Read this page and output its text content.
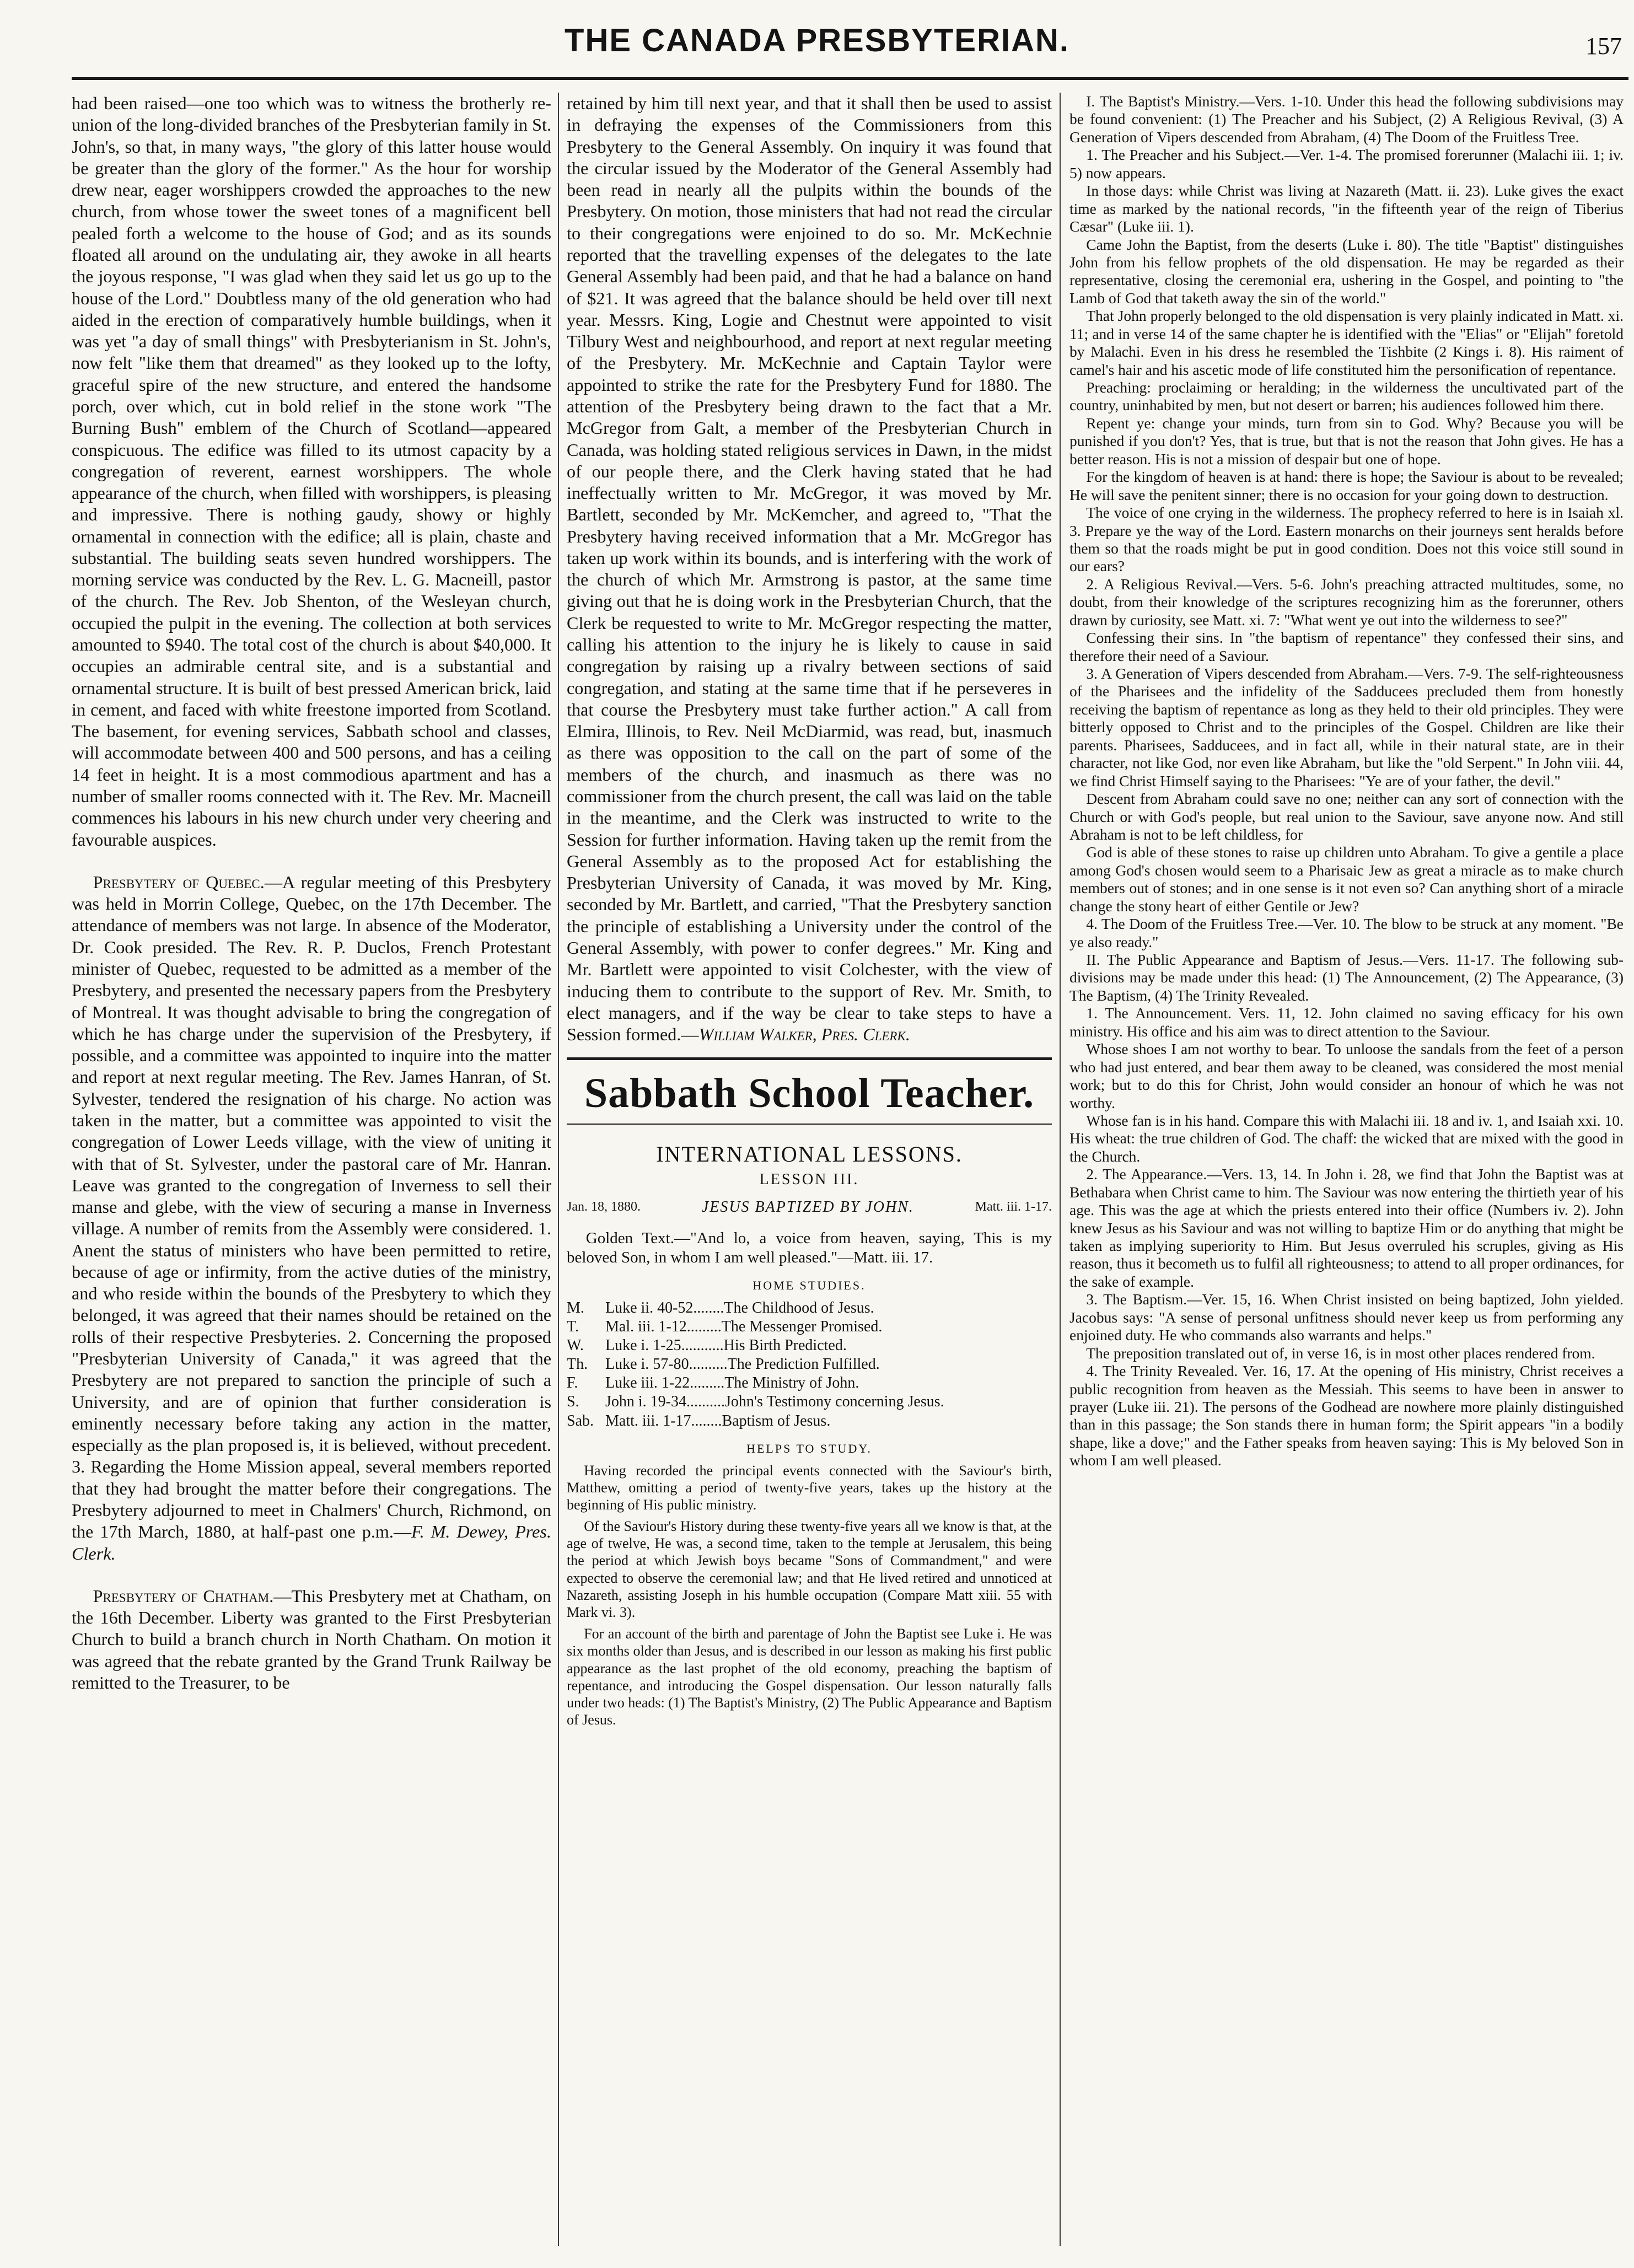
THE CANADA PRESBYTERIAN.	157

had been raised—one too which was to witness the brotherly re-union of the long-divided branches of the Presbyterian family in St. John's, so that, in many ways, "the glory of this latter house would be greater than the glory of the former." As the hour for worship drew near, eager worshippers crowded the approaches to the new church, from whose tower the sweet tones of a magnificent bell pealed forth a welcome to the house of God; and as its sounds floated all around on the undulating air, they awoke in all hearts the joyous response, "I was glad when they said let us go up to the house of the Lord." Doubtless many of the old generation who had aided in the erection of comparatively humble buildings, when it was yet "a day of small things" with Presbyterianism in St. John's, now felt "like them that dreamed" as they looked up to the lofty, graceful spire of the new structure, and entered the handsome porch, over which, cut in bold relief in the stone work "The Burning Bush" emblem of the Church of Scotland—appeared conspicuous. The edifice was filled to its utmost capacity by a congregation of reverent, earnest worshippers. The whole appearance of the church, when filled with worshippers, is pleasing and impressive. There is nothing gaudy, showy or highly ornamental in connection with the edifice; all is plain, chaste and substantial. The building seats seven hundred worshippers. The morning service was conducted by the Rev. L. G. Macneill, pastor of the church. The Rev. Job Shenton, of the Wesleyan church, occupied the pulpit in the evening. The collection at both services amounted to $940. The total cost of the church is about $40,000. It occupies an admirable central site, and is a substantial and ornamental structure. It is built of best pressed American brick, laid in cement, and faced with white freestone imported from Scotland. The basement, for evening services, Sabbath school and classes, will accommodate between 400 and 500 persons, and has a ceiling 14 feet in height. It is a most commodious apartment and has a number of smaller rooms connected with it. The Rev. Mr. Macneill commences his labours in his new church under very cheering and favourable auspices.

Presbytery of Quebec.—A regular meeting of this Presbytery was held in Morrin College, Quebec, on the 17th December. The attendance of members was not large. In absence of the Moderator, Dr. Cook presided. The Rev. R. P. Duclos, French Protestant minister of Quebec, requested to be admitted as a member of the Presbytery, and presented the necessary papers from the Presbytery of Montreal. It was thought advisable to bring the congregation of which he has charge under the supervision of the Presbytery, if possible, and a committee was appointed to inquire into the matter and report at next regular meeting. The Rev. James Hanran, of St. Sylvester, tendered the resignation of his charge. No action was taken in the matter, but a committee was appointed to visit the congregation of Lower Leeds village, with the view of uniting it with that of St. Sylvester, under the pastoral care of Mr. Hanran. Leave was granted to the congregation of Inverness to sell their manse and glebe, with the view of securing a manse in Inverness village. A number of remits from the Assembly were considered. 1. Anent the status of ministers who have been permitted to retire, because of age or infirmity, from the active duties of the ministry, and who reside within the bounds of the Presbytery to which they belonged, it was agreed that their names should be retained on the rolls of their respective Presbyteries. 2. Concerning the proposed "Presbyterian University of Canada," it was agreed that the Presbytery are not prepared to sanction the principle of such a University, and are of opinion that further consideration is eminently necessary before taking any action in the matter, especially as the plan proposed is, it is believed, without precedent. 3. Regarding the Home Mission appeal, several members reported that they had brought the matter before their congregations. The Presbytery adjourned to meet in Chalmers' Church, Richmond, on the 17th March, 1880, at half-past one p.m.—F. M. Dewey, Pres. Clerk.

Presbytery of Chatham.—This Presbytery met at Chatham, on the 16th December. Liberty was granted to the First Presbyterian Church to build a branch church in North Chatham. On motion it was agreed that the rebate granted by the Grand Trunk Railway be remitted to the Treasurer, to be

retained by him till next year, and that it shall then be used to assist in defraying the expenses of the Commissioners from this Presbytery to the General Assembly. On inquiry it was found that the circular issued by the Moderator of the General Assembly had been read in nearly all the pulpits within the bounds of the Presbytery. On motion, those ministers that had not read the circular to their congregations were enjoined to do so. Mr. McKechnie reported that the travelling expenses of the delegates to the late General Assembly had been paid, and that he had a balance on hand of $21. It was agreed that the balance should be held over till next year. Messrs. King, Logie and Chestnut were appointed to visit Tilbury West and neighbourhood, and report at next regular meeting of the Presbytery. Mr. McKechnie and Captain Taylor were appointed to strike the rate for the Presbytery Fund for 1880. The attention of the Presbytery being drawn to the fact that a Mr. McGregor from Galt, a member of the Presbyterian Church in Canada, was holding stated religious services in Dawn, in the midst of our people there, and the Clerk having stated that he had ineffectually written to Mr. McGregor, it was moved by Mr. Bartlett, seconded by Mr. McKemcher, and agreed to, "That the Presbytery having received information that a Mr. McGregor has taken up work within its bounds, and is interfering with the work of the church of which Mr. Armstrong is pastor, at the same time giving out that he is doing work in the Presbyterian Church, that the Clerk be requested to write to Mr. McGregor respecting the matter, calling his attention to the injury he is likely to cause in said congregation by raising up a rivalry between sections of said congregation, and stating at the same time that if he perseveres in that course the Presbytery must take further action." A call from Elmira, Illinois, to Rev. Neil McDiarmid, was read, but, inasmuch as there was opposition to the call on the part of some of the members of the church, and inasmuch as there was no commissioner from the church present, the call was laid on the table in the meantime, and the Clerk was instructed to write to the Session for further information. Having taken up the remit from the General Assembly as to the proposed Act for establishing the Presbyterian University of Canada, it was moved by Mr. King, seconded by Mr. Bartlett, and carried, "That the Presbytery sanction the principle of establishing a University under the control of the General Assembly, with power to confer degrees." Mr. King and Mr. Bartlett were appointed to visit Colchester, with the view of inducing them to contribute to the support of Rev. Mr. Smith, to elect managers, and if the way be clear to take steps to have a Session formed.—William Walker, Pres. Clerk.

Sabbath School Teacher.
INTERNATIONAL LESSONS.
LESSON III.
Jan. 18, 1880.	JESUS BAPTIZED BY JOHN.	Matt. iii. 1-17.

Golden Text.—"And lo, a voice from heaven, saying, This is my beloved Son, in whom I am well pleased."—Matt. iii. 17.

HOME STUDIES.
M.	Luke ii. 40-52........The Childhood of Jesus.
T.	Mal. iii. 1-12.........The Messenger Promised.
W.	Luke i. 1-25...........His Birth Predicted.
Th.	Luke i. 57-80..........The Prediction Fulfilled.
F.	Luke iii. 1-22.........The Ministry of John.
S.	John i. 19-34..........John's Testimony concerning Jesus.
Sab. Matt. iii. 1-17........Baptism of Jesus.
HELPS TO STUDY.

Having recorded the principal events connected with the Saviour's birth, Matthew, omitting a period of twenty-five years, takes up the history at the beginning of His public ministry.

Of the Saviour's History during these twenty-five years all we know is that, at the age of twelve, He was, a second time, taken to the temple at Jerusalem, this being the period at which Jewish boys became "Sons of Commandment," and were expected to observe the ceremonial law; and that He lived retired and unnoticed at Nazareth, assisting Joseph in his humble occupation (Compare Matt xiii. 55 with Mark vi. 3).

For an account of the birth and parentage of John the Baptist see Luke i. He was six months older than Jesus, and is described in our lesson as making his first public appearance as the last prophet of the old economy, preaching the baptism of repentance, and introducing the Gospel dispensation. Our lesson naturally falls under two heads: (1) The Baptist's Ministry, (2) The Public Appearance and Baptism of Jesus.

I. The Baptist's Ministry.—Vers. 1-10. Under this head the following subdivisions may be found convenient: (1) The Preacher and his Subject, (2) A Religious Revival, (3) A Generation of Vipers descended from Abraham, (4) The Doom of the Fruitless Tree.

1. The Preacher and his Subject.—Ver. 1-4. The promised forerunner (Malachi iii. 1; iv. 5) now appears.

In those days: while Christ was living at Nazareth (Matt. ii. 23). Luke gives the exact time as marked by the national records, "in the fifteenth year of the reign of Tiberius Cæsar" (Luke iii. 1).

Came John the Baptist, from the deserts (Luke i. 80). The title "Baptist" distinguishes John from his fellow prophets of the old dispensation. He may be regarded as their representative, closing the ceremonial era, ushering in the Gospel, and pointing to "the Lamb of God that taketh away the sin of the world."

That John properly belonged to the old dispensation is very plainly indicated in Matt. xi. 11; and in verse 14 of the same chapter he is identified with the "Elias" or "Elijah" foretold by Malachi. Even in his dress he resembled the Tishbite (2 Kings i. 8). His raiment of camel's hair and his ascetic mode of life constituted him the personification of repentance.

Preaching: proclaiming or heralding; in the wilderness the uncultivated part of the country, uninhabited by men, but not desert or barren; his audiences followed him there.

Repent ye: change your minds, turn from sin to God. Why? Because you will be punished if you don't? Yes, that is true, but that is not the reason that John gives. He has a better reason. His is not a mission of despair but one of hope.

For the kingdom of heaven is at hand: there is hope; the Saviour is about to be revealed; He will save the penitent sinner; there is no occasion for your going down to destruction.

The voice of one crying in the wilderness. The prophecy referred to here is in Isaiah xl. 3. Prepare ye the way of the Lord. Eastern monarchs on their journeys sent heralds before them so that the roads might be put in good condition. Does not this voice still sound in our ears?

2. A Religious Revival.—Vers. 5-6. John's preaching attracted multitudes, some, no doubt, from their knowledge of the scriptures recognizing him as the forerunner, others drawn by curiosity, see Matt. xi. 7: "What went ye out into the wilderness to see?"

Confessing their sins. In "the baptism of repentance" they confessed their sins, and therefore their need of a Saviour.

3. A Generation of Vipers descended from Abraham.—Vers. 7-9. The self-righteousness of the Pharisees and the infidelity of the Sadducees precluded them from honestly receiving the baptism of repentance as long as they held to their old principles. They were bitterly opposed to Christ and to the principles of the Gospel. Children are like their parents. Pharisees, Sadducees, and in fact all, while in their natural state, are in their character, not like God, nor even like Abraham, but like the "old Serpent." In John viii. 44, we find Christ Himself saying to the Pharisees: "Ye are of your father, the devil."

Descent from Abraham could save no one; neither can any sort of connection with the Church or with God's people, but real union to the Saviour, save anyone now. And still Abraham is not to be left childless, for

God is able of these stones to raise up children unto Abraham. To give a gentile a place among God's chosen would seem to a Pharisaic Jew as great a miracle as to make church members out of stones; and in one sense is it not even so? Can anything short of a miracle change the stony heart of either Gentile or Jew?

4. The Doom of the Fruitless Tree.—Ver. 10. The blow to be struck at any moment. "Be ye also ready."

II. The Public Appearance and Baptism of Jesus.—Vers. 11-17. The following sub-divisions may be made under this head: (1) The Announcement, (2) The Appearance, (3) The Baptism, (4) The Trinity Revealed.

1. The Announcement. Vers. 11, 12. John claimed no saving efficacy for his own ministry. His office and his aim was to direct attention to the Saviour.

Whose shoes I am not worthy to bear. To unloose the sandals from the feet of a person who had just entered, and bear them away to be cleaned, was considered the most menial work; but to do this for Christ, John would consider an honour of which he was not worthy.

Whose fan is in his hand. Compare this with Malachi iii. 18 and iv. 1, and Isaiah xxi. 10. His wheat: the true children of God. The chaff: the wicked that are mixed with the good in the Church.

2. The Appearance.—Vers. 13, 14. In John i. 28, we find that John the Baptist was at Bethabara when Christ came to him. The Saviour was now entering the thirtieth year of his age. This was the age at which the priests entered into their office (Numbers iv. 2). John knew Jesus as his Saviour and was not willing to baptize Him or do anything that might be taken as implying superiority to Him. But Jesus overruled his scruples, giving as His reason, thus it becometh us to fulfil all righteousness; to attend to all proper ordinances, for the sake of example.

3. The Baptism.—Ver. 15, 16. When Christ insisted on being baptized, John yielded. Jacobus says: "A sense of personal unfitness should never keep us from performing any enjoined duty. He who commands also warrants and helps."

The preposition translated out of, in verse 16, is in most other places rendered from.

4. The Trinity Revealed. Ver. 16, 17. At the opening of His ministry, Christ receives a public recognition from heaven as the Messiah. This seems to have been in answer to prayer (Luke iii. 21). The persons of the Godhead are nowhere more plainly distinguished than in this passage; the Son stands there in human form; the Spirit appears "in a bodily shape, like a dove;" and the Father speaks from heaven saying: This is My beloved Son in whom I am well pleased.
